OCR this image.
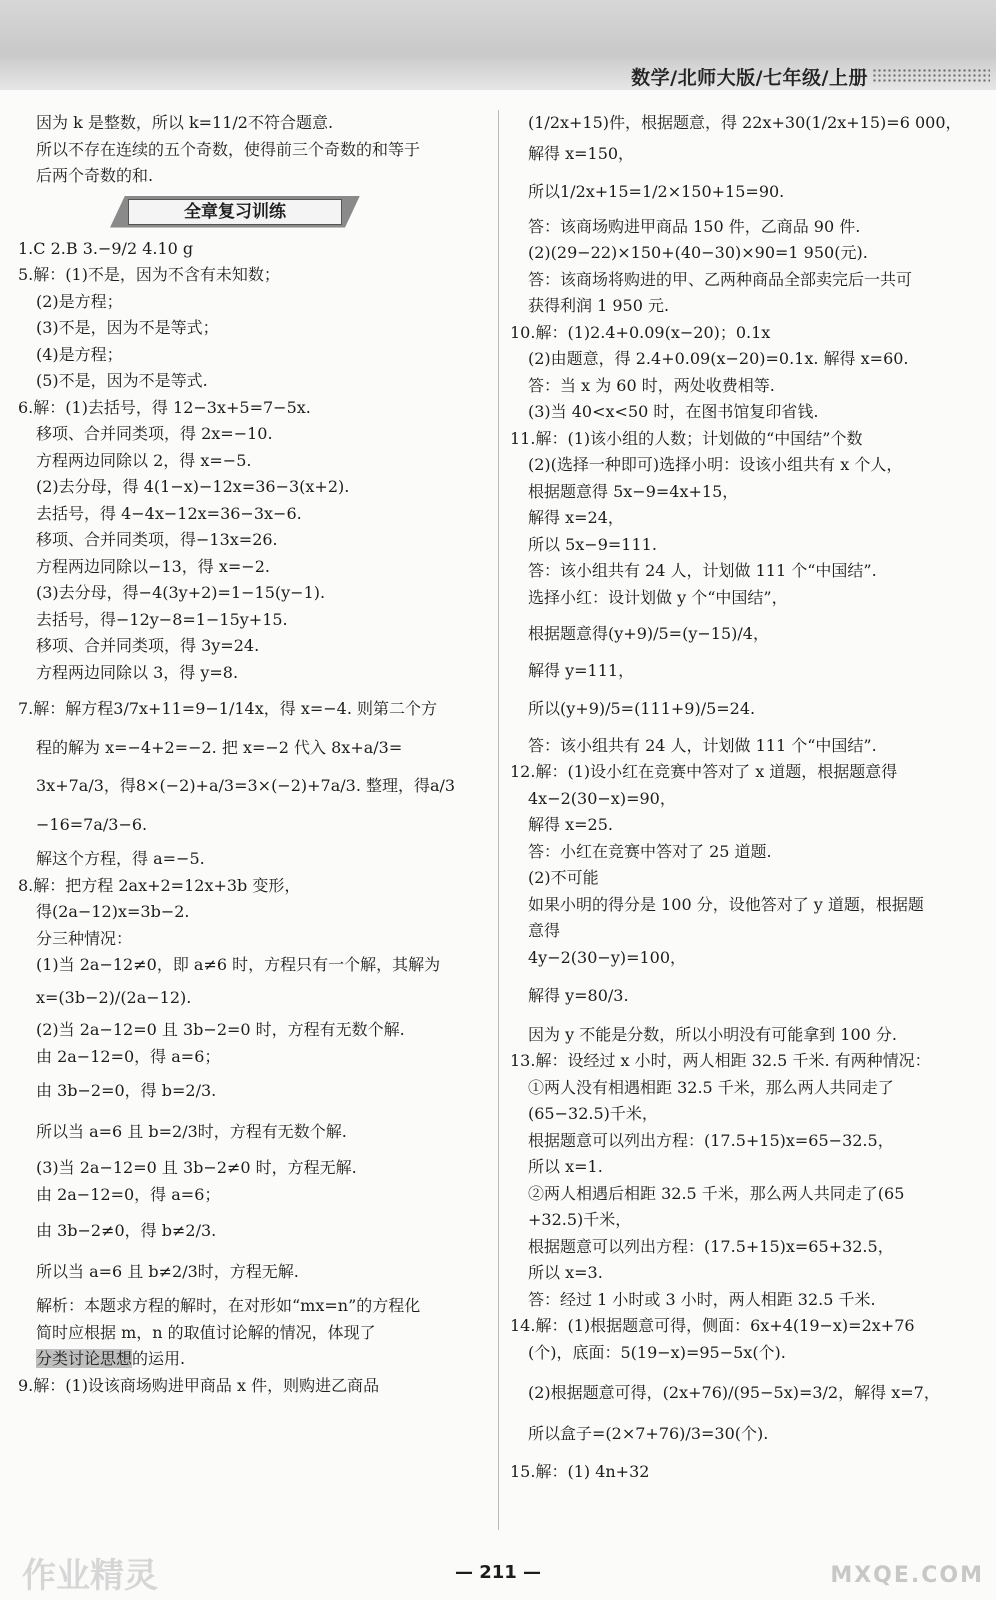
数学/北师大版/七年级/上册

因为 k 是整数，所以 k=11/2不符合题意.

所以不存在连续的五个奇数，使得前三个奇数的和等于

后两个奇数的和.

全章复习训练

1.C 2.B 3.−9/2 4.10 g

5.解：(1)不是，因为不含有未知数；

(2)是方程；

(3)不是，因为不是等式；

(4)是方程；

(5)不是，因为不是等式.

6.解：(1)去括号，得 12−3x+5=7−5x.

移项、合并同类项，得 2x=−10.

方程两边同除以 2，得 x=−5.

(2)去分母，得 4(1−x)−12x=36−3(x+2).

去括号，得 4−4x−12x=36−3x−6.

移项、合并同类项，得−13x=26.

方程两边同除以−13，得 x=−2.

(3)去分母，得−4(3y+2)=1−15(y−1).

去括号，得−12y−8=1−15y+15.

移项、合并同类项，得 3y=24.

方程两边同除以 3，得 y=8.

7.解：解方程3/7x+11=9−1/14x，得 x=−4. 则第二个方

程的解为 x=−4+2=−2. 把 x=−2 代入 8x+a/3=

3x+7a/3，得8×(−2)+a/3=3×(−2)+7a/3. 整理，得a/3

−16=7a/3−6.

解这个方程，得 a=−5.

8.解：把方程 2ax+2=12x+3b 变形，

得(2a−12)x=3b−2.

分三种情况：

(1)当 2a−12≠0，即 a≠6 时，方程只有一个解，其解为

x=(3b−2)/(2a−12).

(2)当 2a−12=0 且 3b−2=0 时，方程有无数个解.

由 2a−12=0，得 a=6；

由 3b−2=0，得 b=2/3.

所以当 a=6 且 b=2/3时，方程有无数个解.

(3)当 2a−12=0 且 3b−2≠0 时，方程无解.

由 2a−12=0，得 a=6；

由 3b−2≠0，得 b≠2/3.

所以当 a=6 且 b≠2/3时，方程无解.

解析：本题求方程的解时，在对形如“mx=n”的方程化

简时应根据 m，n 的取值讨论解的情况，体现了

分类讨论思想的运用.

9.解：(1)设该商场购进甲商品 x 件，则购进乙商品

(1/2x+15)件，根据题意，得 22x+30(1/2x+15)=6 000，

解得 x=150，

所以1/2x+15=1/2×150+15=90.

答：该商场购进甲商品 150 件，乙商品 90 件.

(2)(29−22)×150+(40−30)×90=1 950(元).

答：该商场将购进的甲、乙两种商品全部卖完后一共可

获得利润 1 950 元.

10.解：(1)2.4+0.09(x−20)；0.1x

(2)由题意，得 2.4+0.09(x−20)=0.1x. 解得 x=60.

答：当 x 为 60 时，两处收费相等.

(3)当 40<x<50 时，在图书馆复印省钱.

11.解：(1)该小组的人数；计划做的“中国结”个数

(2)(选择一种即可)选择小明：设该小组共有 x 个人，

根据题意得 5x−9=4x+15，

解得 x=24，

所以 5x−9=111.

答：该小组共有 24 人，计划做 111 个“中国结”.

选择小红：设计划做 y 个“中国结”，

根据题意得(y+9)/5=(y−15)/4，

解得 y=111，

所以(y+9)/5=(111+9)/5=24.

答：该小组共有 24 人，计划做 111 个“中国结”.

12.解：(1)设小红在竞赛中答对了 x 道题，根据题意得

4x−2(30−x)=90，

解得 x=25.

答：小红在竞赛中答对了 25 道题.

(2)不可能

如果小明的得分是 100 分，设他答对了 y 道题，根据题

意得

4y−2(30−y)=100，

解得 y=80/3.

因为 y 不能是分数，所以小明没有可能拿到 100 分.

13.解：设经过 x 小时，两人相距 32.5 千米. 有两种情况：

①两人没有相遇相距 32.5 千米，那么两人共同走了

(65−32.5)千米，

根据题意可以列出方程：(17.5+15)x=65−32.5，

所以 x=1.

②两人相遇后相距 32.5 千米，那么两人共同走了(65

+32.5)千米，

根据题意可以列出方程：(17.5+15)x=65+32.5，

所以 x=3.

答：经过 1 小时或 3 小时，两人相距 32.5 千米.

14.解：(1)根据题意可得，侧面：6x+4(19−x)=2x+76

(个)，底面：5(19−x)=95−5x(个).

(2)根据题意可得，(2x+76)/(95−5x)=3/2，解得 x=7，

所以盒子=(2×7+76)/3=30(个).

15.解：(1) 4n+32

— 211 —
作业精灵	MXQE.COM
